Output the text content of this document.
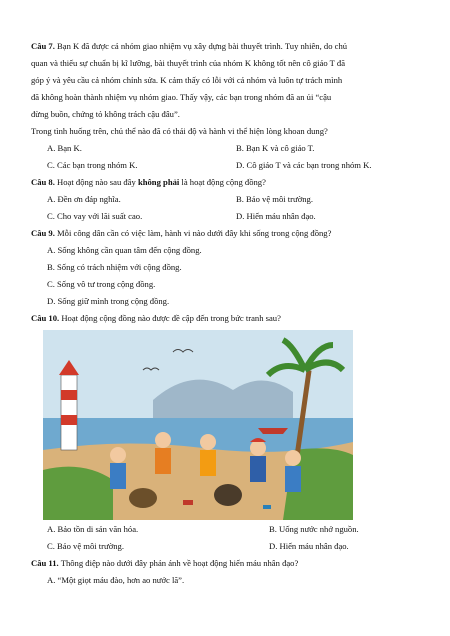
Câu 7. Bạn K đã được cả nhóm giao nhiệm vụ xây dựng bài thuyết trình. Tuy nhiên, do chủ

quan và thiếu sự chuẩn bị kĩ lưỡng, bài thuyết trình của nhóm K không tốt nên cô giáo T đã

góp ý và yêu cầu cả nhóm chỉnh sửa. K cảm thấy có lỗi với cả nhóm và luôn tự trách mình

đã không hoàn thành nhiệm vụ nhóm giao. Thấy vậy, các bạn trong nhóm đã an ủi “cậu

đừng buồn, chứng tỏ không trách cậu đâu”.

Trong tình huống trên, chủ thể nào đã có thái độ và hành vi thể hiện lòng khoan dung?

A. Bạn K.	B. Bạn K và cô giáo T.
C. Các bạn trong nhóm K.	D. Cô giáo T và các bạn trong nhóm K.

Câu 8. Hoạt động nào sau đây không phải là hoạt động cộng đồng?

A. Đền ơn đáp nghĩa.	B. Bảo vệ môi trường.
C. Cho vay với lãi suất cao.	D. Hiến máu nhân đạo.

Câu 9. Mỗi công dân cần có việc làm, hành vi nào dưới đây khi sống trong cộng đồng?

A. Sống không cần quan tâm đến cộng đồng.
B. Sống có trách nhiệm với cộng đồng.
C. Sống vô tư trong cộng đồng.
D. Sống giữ mình trong cộng đồng.

Câu 10. Hoạt động cộng đồng nào được đề cập đến trong bức tranh sau?

A. Bảo tồn di sản văn hóa.	B. Uống nước nhớ nguồn.
C. Bảo vệ môi trường.	D. Hiến máu nhân đạo.

Câu 11. Thông điệp nào dưới đây phản ánh về hoạt động hiến máu nhân đạo?

A. “Một giọt máu đào, hơn ao nước lã”.
